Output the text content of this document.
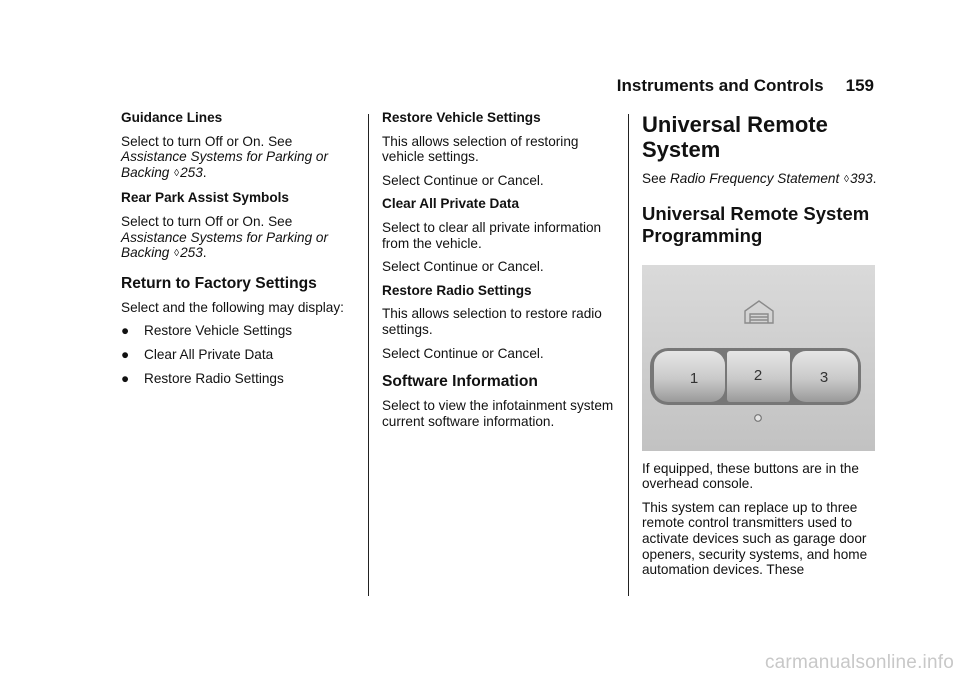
Instruments and Controls 159
Guidance Lines

Select to turn Off or On. See
Assistance Systems for Parking or Backing ◊253.

Rear Park Assist Symbols

Select to turn Off or On. See
Assistance Systems for Parking or Backing ◊253.

Return to Factory Settings

Select and the following may display:

● Restore Vehicle Settings
● Clear All Private Data
● Restore Radio Settings
Restore Vehicle Settings

This allows selection of restoring vehicle settings.

Select Continue or Cancel.

Clear All Private Data

Select to clear all private information from the vehicle.

Select Continue or Cancel.

Restore Radio Settings

This allows selection to restore radio settings.

Select Continue or Cancel.

Software Information

Select to view the infotainment system current software information.

Universal Remote System

See Radio Frequency Statement ◊393.

Universal Remote System Programming
1	2	3

If equipped, these buttons are in the overhead console.

This system can replace up to three remote control transmitters used to activate devices such as garage door openers, security systems, and home automation devices. These

carmanualsonline.info
